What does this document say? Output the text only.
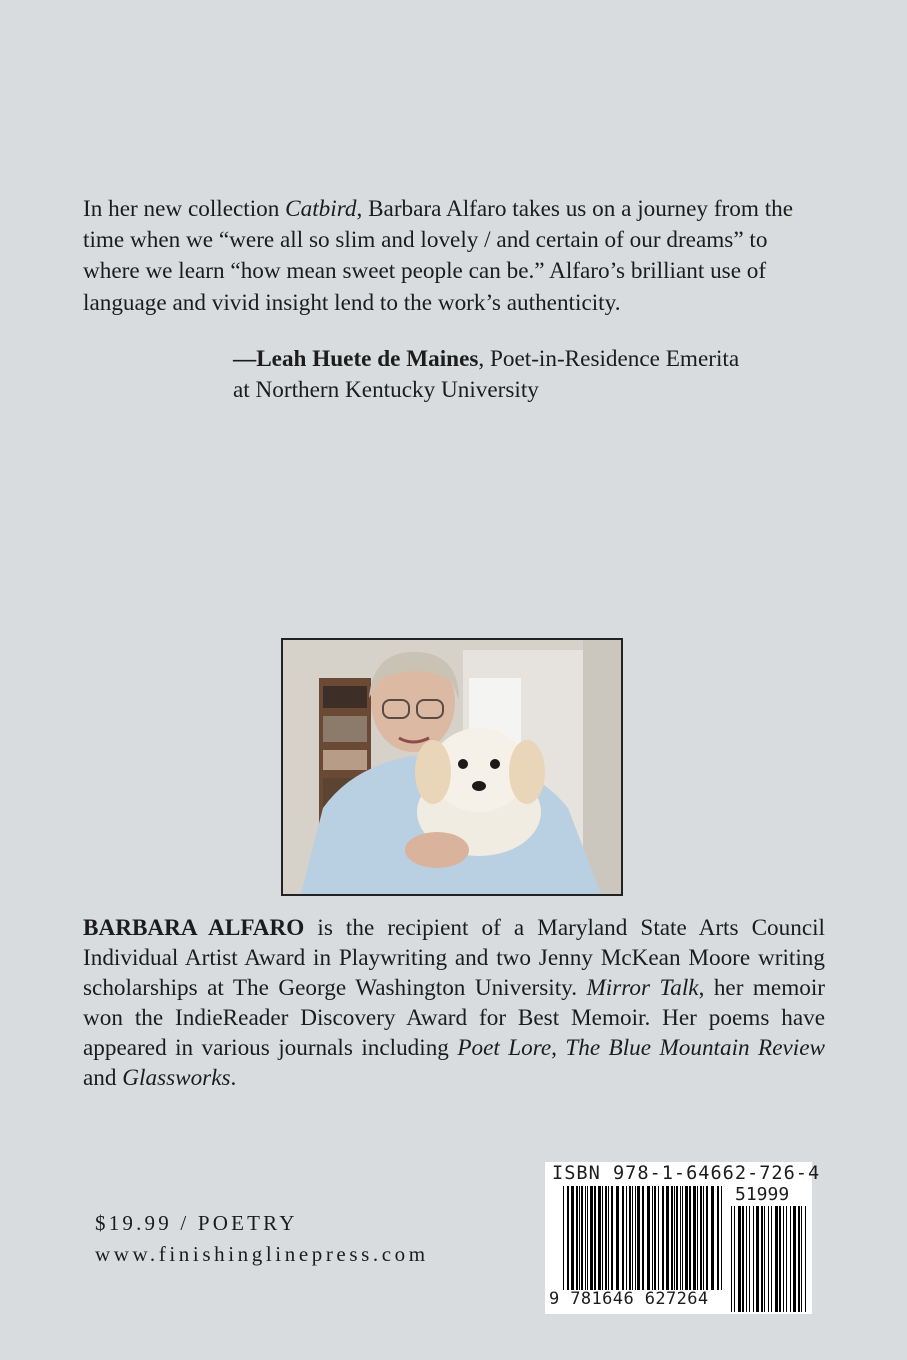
In her new collection Catbird, Barbara Alfaro takes us on a journey from the time when we “were all so slim and lovely / and certain of our dreams” to  where we learn “how mean sweet people can be.” Alfaro’s brilliant use of language and vivid insight lend to the work’s authenticity.

—Leah Huete de Maines, Poet-in-Residence Emerita
at Northern Kentucky University

BARBARA ALFARO is the recipient of a Maryland State Arts Council Individual Artist Award in Playwriting and two Jenny McKean Moore writing scholarships at The George Washington University. Mirror Talk, her memoir won the IndieReader Discovery Award for Best Memoir. Her poems have appeared in various journals including Poet Lore, The Blue Mountain Review and Glassworks.

$19.99 / POETRY
www.finishinglinepress.com
ISBN 978-1-64662-726-4
51999
9 781646 627264
